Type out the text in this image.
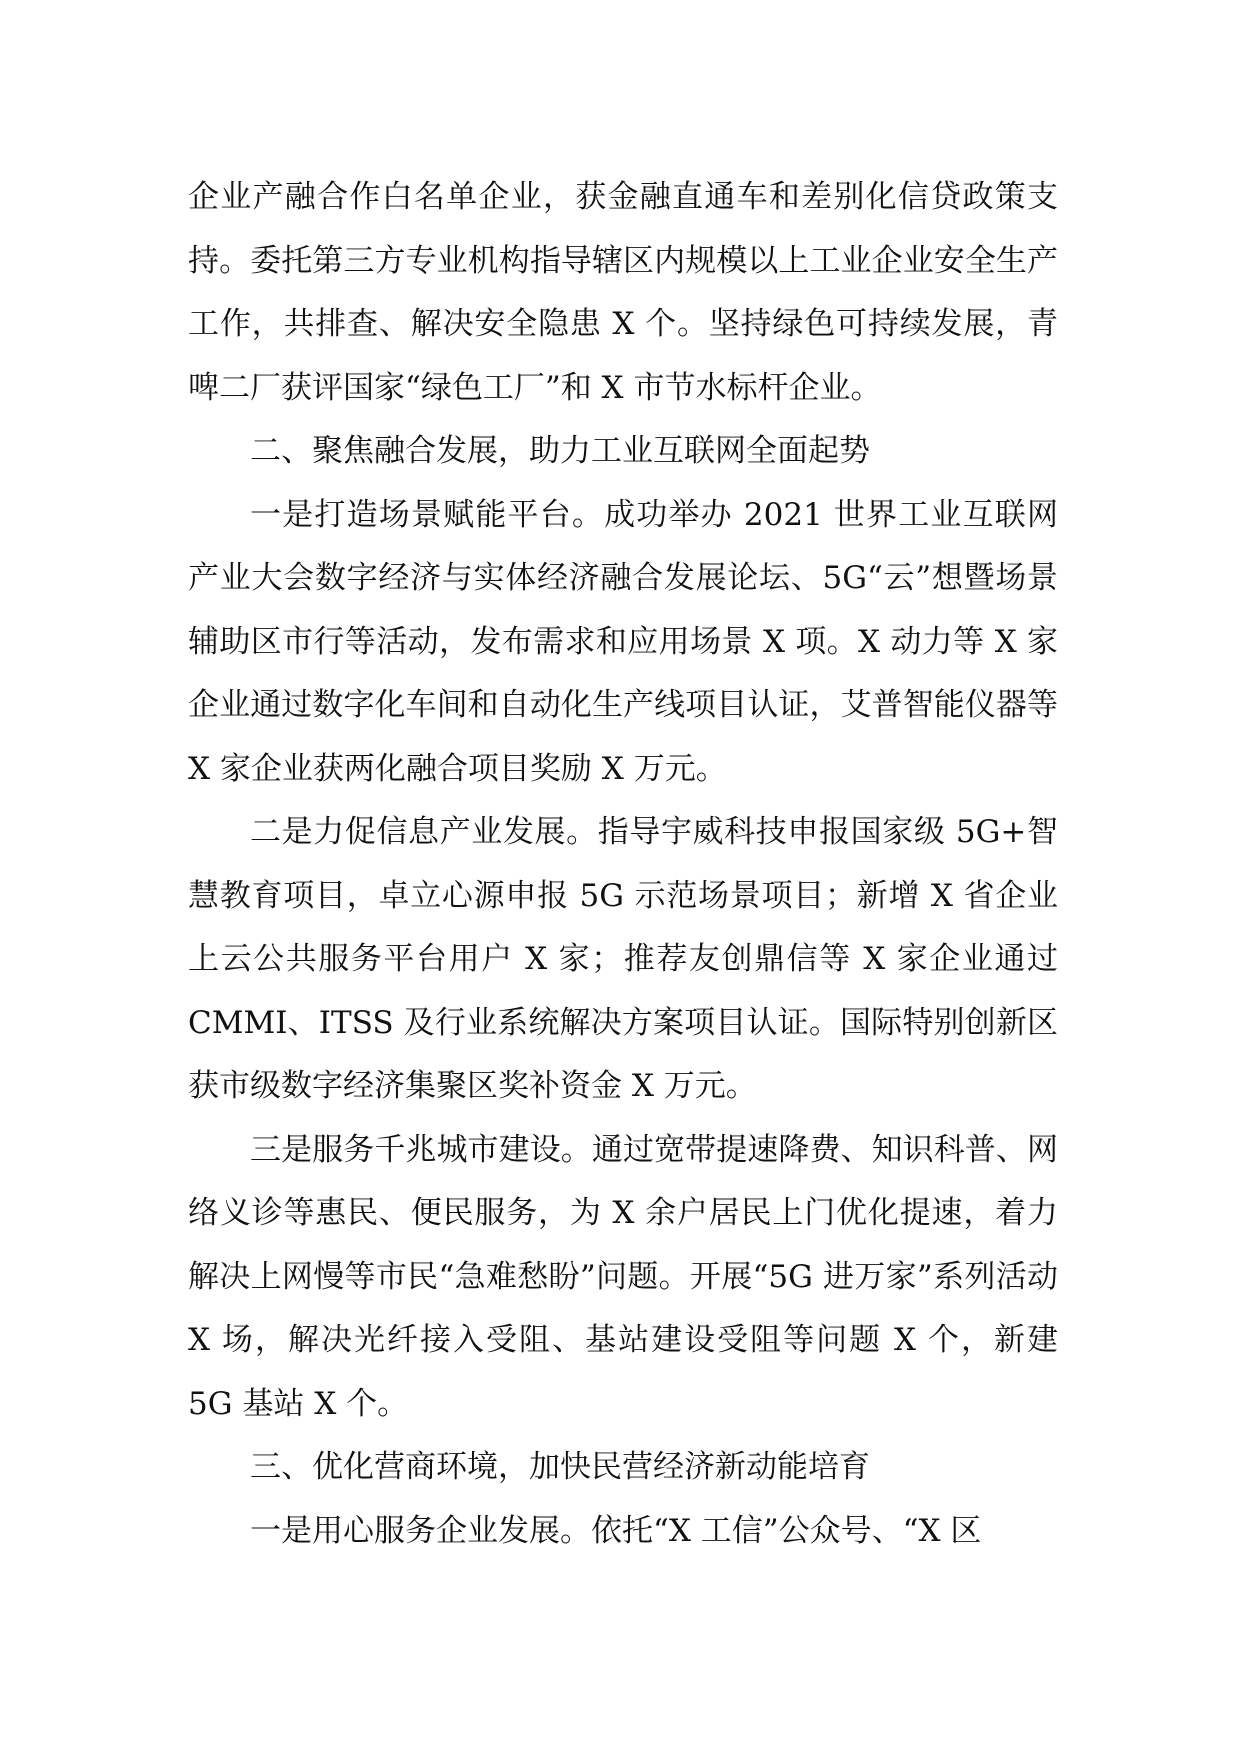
企业产融合作白名单企业，获金融直通车和差别化信贷政策支持。委托第三方专业机构指导辖区内规模以上工业企业安全生产工作，共排查、解决安全隐患 X 个。坚持绿色可持续发展，青啤二厂获评国家“绿色工厂”和 X 市节水标杆企业。

二、聚焦融合发展，助力工业互联网全面起势

一是打造场景赋能平台。成功举办 2021 世界工业互联网产业大会数字经济与实体经济融合发展论坛、5G“云”想暨场景辅助区市行等活动，发布需求和应用场景 X 项。X 动力等 X 家企业通过数字化车间和自动化生产线项目认证，艾普智能仪器等 X 家企业获两化融合项目奖励 X 万元。

二是力促信息产业发展。指导宇威科技申报国家级 5G+智慧教育项目，卓立心源申报 5G 示范场景项目；新增 X 省企业上云公共服务平台用户 X 家；推荐友创鼎信等 X 家企业通过 CMMI、ITSS 及行业系统解决方案项目认证。国际特别创新区获市级数字经济集聚区奖补资金 X 万元。

三是服务千兆城市建设。通过宽带提速降费、知识科普、网络义诊等惠民、便民服务，为 X 余户居民上门优化提速，着力解决上网慢等市民“急难愁盼”问题。开展“5G 进万家”系列活动 X 场，解决光纤接入受阻、基站建设受阻等问题 X 个，新建 5G 基站 X 个。

三、优化营商环境，加快民营经济新动能培育

一是用心服务企业发展。依托“X 工信”公众号、“X 区
